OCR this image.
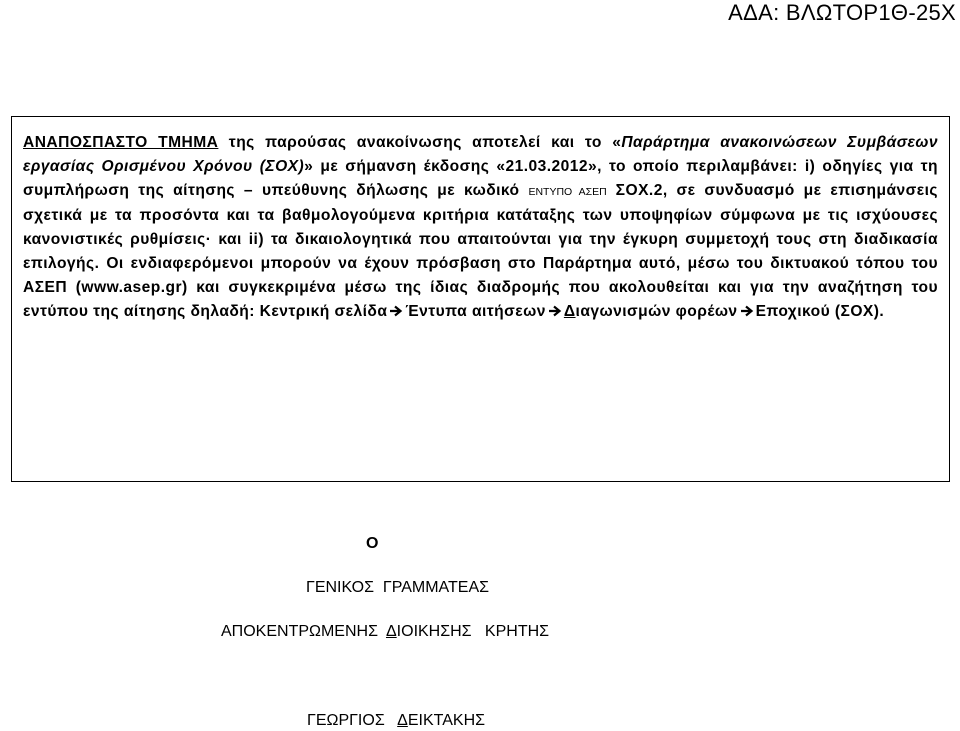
ΑΔΑ: ΒΛΩΤΟΡ1Θ-25Χ

ΑΝΑΠΟΣΠΑΣΤΟ ΤΜΗΜΑ της παρούσας ανακοίνωσης αποτελεί και το «Παράρτημα ανακοινώσεων Συμβάσεων εργασίας Ορισμένου Χρόνου (ΣΟΧ)» με σήμανση έκδοσης «21.03.2012», το οποίο περιλαμβάνει: i) οδηγίες για τη συμπλήρωση της αίτησης – υπεύθυνης δήλωσης με κωδικό ΕΝΤΥΠΟ ΑΣΕΠ ΣΟΧ.2, σε συνδυασμό με επισημάνσεις σχετικά με τα προσόντα και τα βαθμολογούμενα κριτήρια κατάταξης των υποψηφίων σύμφωνα με τις ισχύουσες κανονιστικές ρυθμίσεις· και ii) τα δικαιολογητικά που απαιτούνται για την έγκυρη συμμετοχή τους στη διαδικασία επιλογής. Οι ενδιαφερόμενοι μπορούν να έχουν πρόσβαση στο Παράρτημα αυτό, μέσω του δικτυακού τόπου του ΑΣΕΠ (www.asep.gr) και συγκεκριμένα μέσω της ίδιας διαδρομής που ακολουθείται και για την αναζήτηση του εντύπου της αίτησης δηλαδή: Κεντρική σελίδα Έντυπα αιτήσεων Διαγωνισμών φορέων Εποχικού (ΣΟΧ).

Ο
ΓΕΝΙΚΟΣ  ΓΡΑΜΜΑΤΕΑΣ
ΑΠΟΚΕΝΤΡΩΜΕΝΗΣ  ΔΙΟΙΚΗΣΗΣ   ΚΡΗΤΗΣ
ΓΕΩΡΓΙΟΣ   ΔΕΙΚΤΑΚΗΣ
